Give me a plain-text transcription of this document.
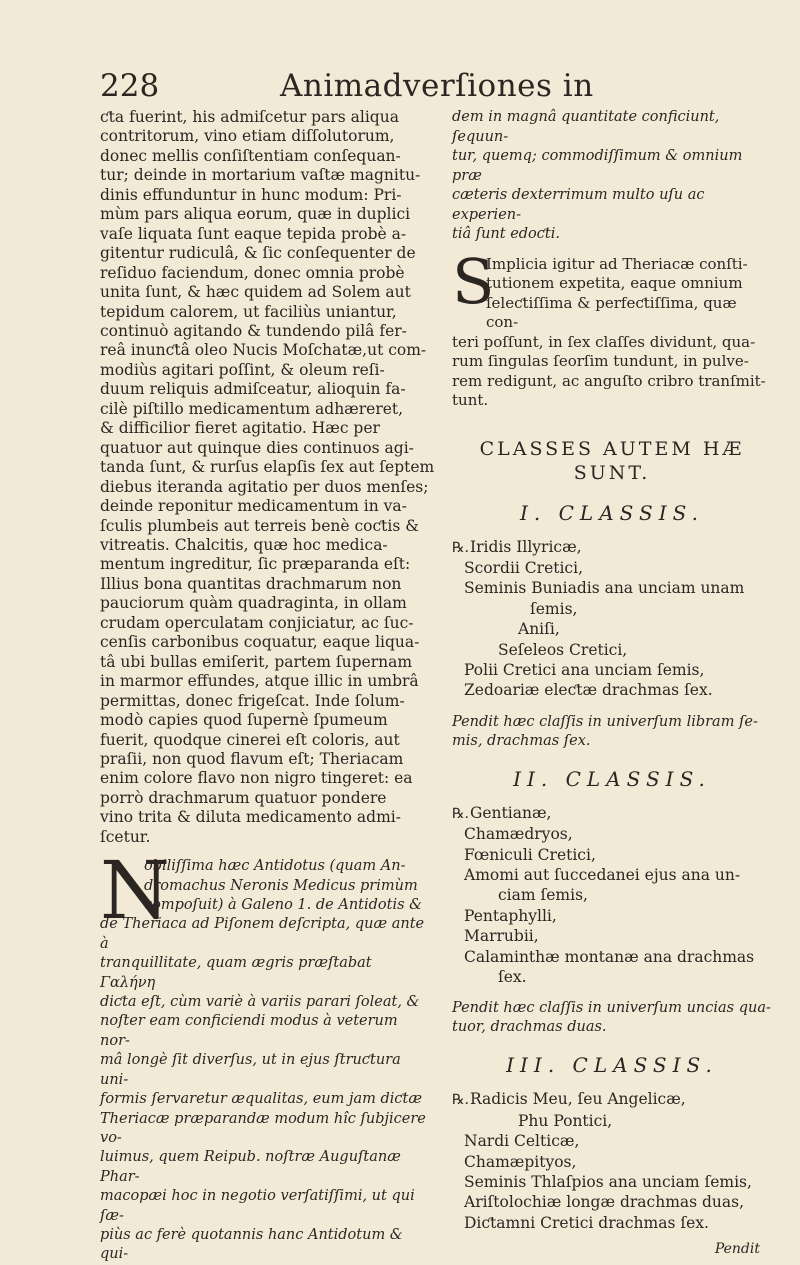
228	Animadverſiones in
ƈta fuerint, his admiſcetur pars aliqua
contritorum, vino etiam diſſolutorum,
donec mellis conſiſtentiam conſequan-
tur; deinde in mortarium vaſtæ magnitu-
dinis effunduntur in hunc modum: Pri-
mùm pars aliqua eorum, quæ in duplici
vaſe liquata ſunt eaque tepida probè a-
gitentur rudiculâ, & ſic conſequenter de
reſiduo faciendum, donec omnia probè
unita ſunt, & hæc quidem ad Solem aut
tepidum calorem, ut faciliùs uniantur,
continuò agitando & tundendo pilâ fer-
reâ inunƈtâ oleo Nucis Moſchatæ,ut com-
modiùs agitari poſſint, & oleum reſi-
duum reliquis admiſceatur, alioquin fa-
cilè piſtillo medicamentum adhæreret,
& difficilior fieret agitatio. Hæc per
quatuor aut quinque dies continuos agi-
tanda ſunt, & rurſus elapſis ſex aut ſeptem
diebus iteranda agitatio per duos menſes;
deinde reponitur medicamentum in va-
ſculis plumbeis aut terreis benè coƈtis &
vitreatis. Chalcitis, quæ hoc medica-
mentum ingreditur, ſic præparanda eſt:
Illius bona quantitas drachmarum non
pauciorum quàm quadraginta, in ollam
crudam operculatam conjiciatur, ac ſuc-
cenſis carbonibus coquatur, eaque liqua-
tâ ubi bullas emiſerit, partem ſupernam
in marmor effundes, atque illic in umbrâ
permittas, donec frigeſcat. Inde ſolum-
modò capies quod ſupernè ſpumeum
fuerit, quodque cinerei eſt coloris, aut
praſii, non quod flavum eſt; Theriacam
enim colore flavo non nigro tingeret: ea
porrò drachmarum quatuor pondere
vino trita & diluta medicamento admi-
ſcetur.
N
obiliſſima hæc Antidotus (quam An-
dromachus Neronis Medicus primùm
compoſuit) à Galeno 1. de Antidotis &
de Theriaca ad Piſonem deſcripta, quæ ante à
tranquillitate, quam ægris præſtabat Γαλήνη
diƈta eſt, cùm variè à variis parari ſoleat, &
noſter eam conficiendi modus à veterum nor-
mâ longè ſit diverſus, ut in ejus ſtruƈtura uni-
formis ſervaretur æqualitas, eum jam diƈtæ
Theriacæ præparandæ modum hîc ſubjicere vo-
luimus, quem Reipub. noſtræ Auguſtanæ Phar-
macopæi hoc in negotio verſatiſſimi, ut qui ſæ-
piùs ac ferè quotannis hanc Antidotum & qui-
dem in magnâ quantitate conficiunt, ſequun-
tur, quemq; commodiſſimum & omnium præ
cæteris dexterrimum multo uſu ac experien-
tiâ ſunt edoƈti.
S
Implicia igitur ad Theriacæ conſti-
tutionem expetita, eaque omnium
ſeleƈtiſſima & perfeƈtiſſima, quæ con-
teri poſſunt, in ſex claſſes dividunt, qua-
rum ſingulas ſeorſim tundunt, in pulve-
rem redigunt, ac anguſto cribro tranſmit-
tunt.
CLASSES AUTEM HÆ
SUNT.
I. CLASSIS.
℞.Iridis Illyricæ,
Scordii Cretici,
Seminis Buniadis ana unciam unam
ſemis,
Aniſi,
Seſeleos Cretici,
Polii Cretici ana unciam ſemis,
Zedoariæ eleƈtæ drachmas ſex.
Pendit hæc claſſis in univerſum libram ſe-
mis, drachmas ſex.
II. CLASSIS.
℞.Gentianæ,
Chamædryos,
Fœniculi Cretici,
Amomi aut ſuccedanei ejus ana un-
ciam ſemis,
Pentaphylli,
Marrubii,
Calaminthæ montanæ ana drachmas
ſex.
Pendit hæc claſſis in univerſum uncias qua-
tuor, drachmas duas.
III. CLASSIS.
℞.Radicis Meu, ſeu Angelicæ,
Phu Pontici,
Nardi Celticæ,
Chamæpityos,
Seminis Thlaſpios ana unciam ſemis,
Ariſtolochiæ longæ drachmas duas,
Diƈtamni Cretici drachmas ſex.
Pendit
